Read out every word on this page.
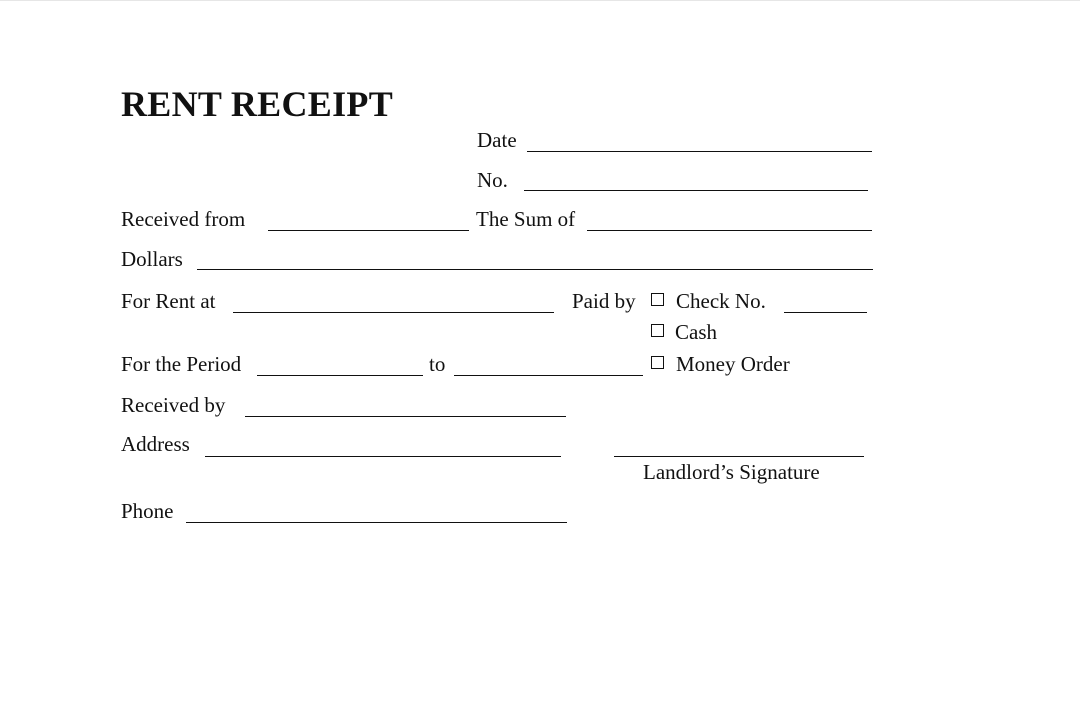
RENT RECEIPT
Date
No.
Received from	The Sum of
Dollars
For Rent at	Paid by Check No.
Cash
For the Period	to	Money Order
Received by
Address
Landlord’s Signature
Phone
